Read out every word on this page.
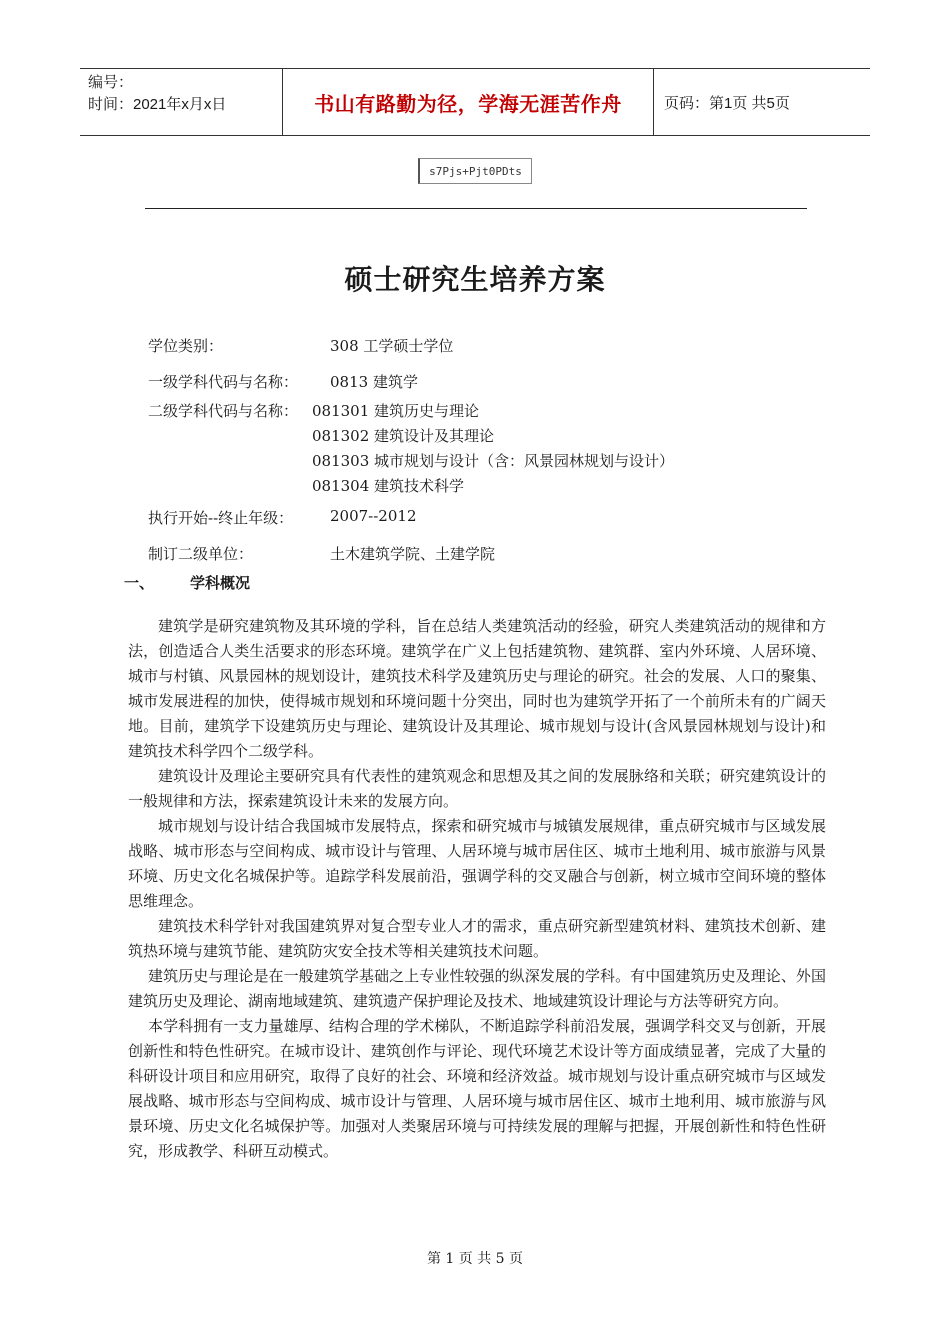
编号：
时间：2021年x月x日	书山有路勤为径，学海无涯苦作舟	页码：第1页 共5页
s7Pjs+Pjt0PDts
硕士研究生培养方案
学位类别：	308 工学硕士学位
一级学科代码与名称： 0813 建筑学
二级学科代码与名称： 081301 建筑历史与理论
081302 建筑设计及其理论
081303 城市规划与设计（含：风景园林规划与设计）
081304 建筑技术科学
执行开始--终止年级： 2007--2012
制订二级单位：	土木建筑学院、土建学院
一、 学科概况

建筑学是研究建筑物及其环境的学科，旨在总结人类建筑活动的经验，研究人类建筑活动的规律和方法，创造适合人类生活要求的形态环境。建筑学在广义上包括建筑物、建筑群、室内外环境、人居环境、城市与村镇、风景园林的规划设计，建筑技术科学及建筑历史与理论的研究。社会的发展、人口的聚集、城市发展进程的加快，使得城市规划和环境问题十分突出，同时也为建筑学开拓了一个前所未有的广阔天地。目前，建筑学下设建筑历史与理论、建筑设计及其理论、城市规划与设计(含风景园林规划与设计)和建筑技术科学四个二级学科。

建筑设计及理论主要研究具有代表性的建筑观念和思想及其之间的发展脉络和关联；研究建筑设计的一般规律和方法，探索建筑设计未来的发展方向。

城市规划与设计结合我国城市发展特点，探索和研究城市与城镇发展规律，重点研究城市与区域发展战略、城市形态与空间构成、城市设计与管理、人居环境与城市居住区、城市土地利用、城市旅游与风景环境、历史文化名城保护等。追踪学科发展前沿，强调学科的交叉融合与创新，树立城市空间环境的整体思维理念。

建筑技术科学针对我国建筑界对复合型专业人才的需求，重点研究新型建筑材料、建筑技术创新、建筑热环境与建筑节能、建筑防灾安全技术等相关建筑技术问题。

建筑历史与理论是在一般建筑学基础之上专业性较强的纵深发展的学科。有中国建筑历史及理论、外国建筑历史及理论、湖南地域建筑、建筑遗产保护理论及技术、地域建筑设计理论与方法等研究方向。

本学科拥有一支力量雄厚、结构合理的学术梯队，不断追踪学科前沿发展，强调学科交叉与创新，开展创新性和特色性研究。在城市设计、建筑创作与评论、现代环境艺术设计等方面成绩显著，完成了大量的科研设计项目和应用研究，取得了良好的社会、环境和经济效益。城市规划与设计重点研究城市与区域发展战略、城市形态与空间构成、城市设计与管理、人居环境与城市居住区、城市土地利用、城市旅游与风景环境、历史文化名城保护等。加强对人类聚居环境与可持续发展的理解与把握，开展创新性和特色性研究，形成教学、科研互动模式。

第 1 页 共 5 页
